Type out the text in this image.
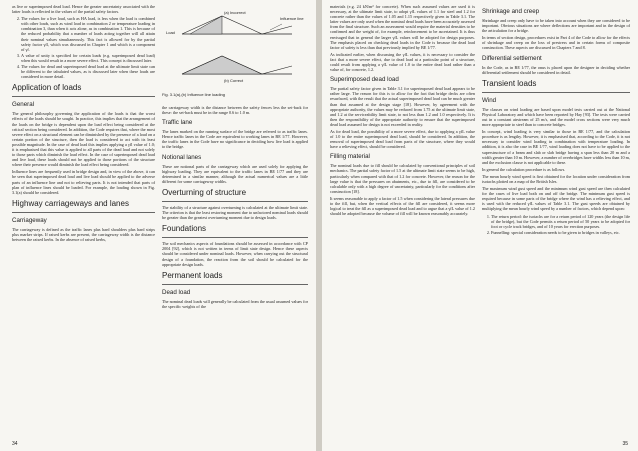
as live or superimposed dead load. Hence the greater uncertainty associated with the latter loads is reflected in the values of the partial safety factors.

2. The values for a live load, such as HA load, is less when the load is combined with other loads, such as wind load in combination 2 or temperature loading in combination 3, than when it acts alone, as in combination 1. This is because of the reduced probability that a number of loads acting together will all attain their nominal values simultaneously. This fact is allowed for by the partial safety factor γfl, which was discussed in Chapter 1 and which is a component of γf.
3. A value of unity is specified for certain loads (e.g. superimposed dead load) when this would result in a more severe effect. This concept is discussed later.
4. The values for dead and superimposed dead load at the ultimate limit state can be different to the tabulated values, as is discussed later when these loads are considered in more detail.
Application of loads
General

The general philosophy governing the application of the loads is that the worst effects of the loads should be sought. In practice, this implies that the arrangement of the loads on the bridge is dependent upon the load effect being considered at the critical section being considered. In addition, the Code requires that, where the most severe effect on a structural element can be diminished by the presence of a load on a certain portion of the structure, then the load is considered to act with its least possible magnitude. In the case of dead load this implies applying a γfl value of 1.0; it is emphasised that this value is applied to all parts of the dead load and not solely to those parts which diminish the load effect. In the case of superimposed dead load and live load, these loads should not be applied to those portions of the structure where their presence would diminish the load effect being considered.

Influence lines are frequently used in bridge design and, in view of the above, it can be seen that superimposed dead load and live load should be applied to the adverse parts of an influence line and not to relieving parts. It is not intended that parts of plan of influence lines should be loaded. For example, the loading shown in Fig. 3.1(a) should be considered.

Highway carriageways and lanes
Carriageway

The carriageway is defined as the traffic lanes plus hard shoulders plus hard strips plus marker strips. If raised kerbs are present, the carriageway width is the distance between the raised kerbs. In the absence of raised kerbs,

(a) Incorrect
Load
Influence line
(b) Correct
Fig. 3.1(a),(b) Influence line loading

the carriageway width is the distance between the safety fences less the set-back for these: the set-back must be in the range 0.6 to 1.0 m.

Traffic lane

The lanes marked on the running surface of the bridge are referred to as traffic lanes. Hence traffic lanes in the Code are equivalent to working lanes in BE 1/77. However, the traffic lanes in the Code have no significance in deciding how live load is applied to the bridge.

Notional lanes

These are notional parts of the carriageway which are used solely for applying the highway loading. They are equivalent to the traffic lanes in BE 1/77 and they are determined in a similar manner, although the actual numerical values are a little different for some carriageway widths.

Overturning of structure

The stability of a structure against overturning is calculated at the ultimate limit state. The criterion is that the least restoring moment due to unfactored nominal loads should be greater than the greatest overturning moment due to design loads.

Foundations

The soil mechanics aspects of foundations should be assessed in accordance with CP 2004 [92], which is not written in terms of limit state design. Hence these aspects should be considered under nominal loads. However, when carrying out the structural design of a foundation, the reaction from the soil should be calculated for the appropriate design loads.

Permanent loads
Dead load

The nominal dead loads will generally be calculated from the usual assumed values for the specific weights of the

34

materials (e.g. 24 kN/m³ for concrete). When such assumed values are used it is necessary, at the ultimate limit state, to adopt γfL values of 1.1 for steel and 1.2 for concrete rather than the values of 1.05 and 1.15 respectively given in Table 3.1. The latter values are only used when the nominal dead loads have been accurately assessed from the final structure. Such an assessment would require the material densities to be confirmed and the weight of, for example, reinforcement to be ascertained. It is thus envisaged that in general the larger γfL values will be adopted for design purposes. The emphasis placed on checking dead loads in the Code is because the dead load factor of safety is less than that previously implied by BE 1/77.

As indicated earlier, when discussing the γfL values, it is necessary to consider the fact that a more severe effect, due to dead load at a particular point of a structure, could result from applying a γfL value of 1.0 to the entire dead load rather than a value of, for concrete, 1.2.

Superimposed dead load

The partial safety factor given in Table 3.1 for superimposed dead load appears to be rather large. The reason for this is to allow for the fact that bridge decks are often resurfaced, with the result that the actual superimposed dead load can be much greater than that assumed at the design stage [18]. However, by agreement with the appropriate authority, the values may be reduced from 1.75 at the ultimate limit state, and 1.2 at the serviceability limit state, to not less than 1.2 and 1.0 respectively. It is then the responsibility of the appropriate authority to ensure that the superimposed dead load assumed for design is not exceeded in reality.

As for dead load, the possibility of a more severe effect, due to applying a γfL value of 1.0 to the entire superimposed dead load, should be considered. In addition, the removal of superimposed dead load from parts of the structure, where they would have a relieving effect, should be considered.

Filling material

The nominal loads due to fill should be calculated by conventional principles of soil mechanics. The partial safety factor of 1.5 at the ultimate limit state seems to be high, particularly when compared with that of 1.2 for concrete. However, the reason for the large value is that the pressures on abutments, etc., due to fill, are considered to be calculable only with a high degree of uncertainty, particularly for the conditions after construction [18].

It seems reasonable to apply a factor of 1.5 when considering the lateral pressures due to the fill, but, when the vertical effects of the fill are considered, it seems more logical to treat the fill as a superimposed dead load and to argue that a γfL value of 1.2 should be adopted because the volume of fill will be known reasonably accurately.

Shrinkage and creep

Shrinkage and creep only have to be taken into account when they are considered to be important. Obvious situations are where deflections are important and in the design of the articulation for a bridge.

In terms of section design, procedures exist in Part 4 of the Code to allow for the effects of shrinkage and creep on the loss of prestress and in certain forms of composite construction. These aspects are discussed in Chapters 7 and 8.

Differential settlement

In the Code, as in BE 1/77, the onus is placed upon the designer in deciding whether differential settlement should be considered in detail.

Transient loads
Wind

The clauses on wind loading are based upon model tests carried out at the National Physical Laboratory and which have been reported by Hay [93]. The tests were carried out in a constant airstream of 25 m/s, and the model cross sections were very much more appropriate to steel than to concrete bridges.

In concept, wind loading is very similar to those in BE 1/77, and the calculation procedure is as lengthy. However, it is emphasised that, according to the Code, it is not necessary to consider wind loading in combination with temperature loading. In addition, it is also the case in BE 1/77, wind loading does not have to be applied to the superstructure of a beam and slab or slab bridge having a span less than 20 m and a width greater than 10 m. However, a number of overbridges have widths less than 10 m, and the exclusion clause is not applicable to these.

In general the calculation procedure is as follows.

The mean hourly wind speed is first obtained for the location under consideration from isotachs plotted on a map of the British Isles.

The maximum wind gust speed and the minimum wind gust speed are then calculated for the cases of live load both on and off the bridge. The minimum gust speed is required because in some parts of the bridge where the wind has a relieving effect, and is used with the reduced γfL values of Table 3.1. The gust speeds are obtained by multiplying the mean hourly wind speed by a number of factors, which depend upon:

1. The return period: the isotachs are for a return period of 120 years (the design life of the bridge), but the Code permits a return period of 50 years to be adopted for foot or cycle track bridges, and of 10 years for erection purposes.
2. Funnelling: special consideration needs to be given to bridges in valleys, etc.
35
